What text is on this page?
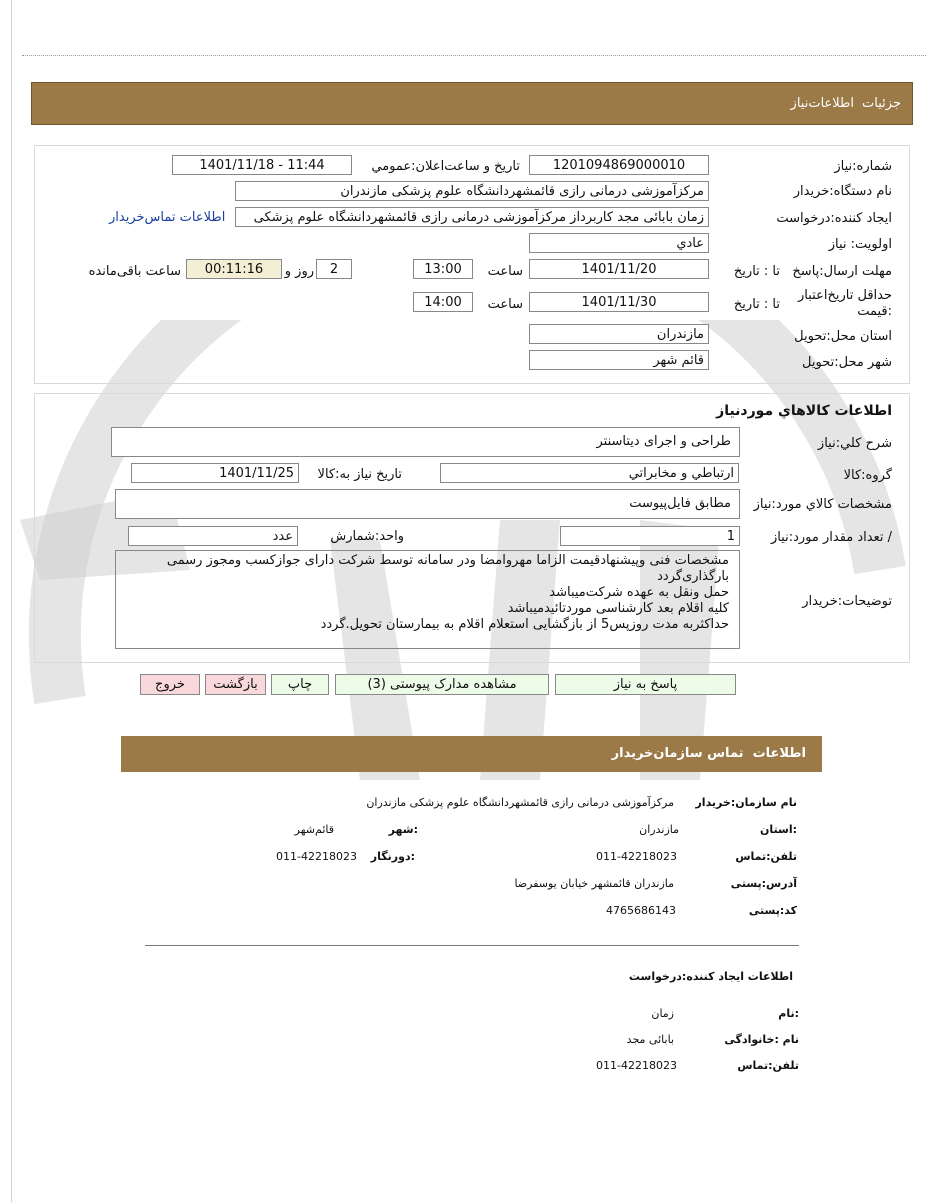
جزئیات
اطلاعات‌نیاز
شماره:نیاز
1201094869000010
تاریخ و ساعت‌اعلان:عمومي
1401/11/18 - 11:44
نام دستگاه:خریدار
مرکزآموزشی درمانی رازی قائمشهردانشگاه علوم پزشکی مازندران
ایجاد کننده:درخواست
زمان بابائی مجد کاربرداز مرکزآموزشی درمانی رازی قائمشهردانشگاه علوم پزشکی
اطلاعات تماس‌خریدار
اولویت: نیاز
عادي
مهلت ارسال:پاسخ
تا : تاریخ
1401/11/20
ساعت
13:00
2
روز و
00:11:16
ساعت باقی‌مانده
حداقل تاریخ‌اعتبار :قیمت
تا : تاریخ
1401/11/30
ساعت
14:00
استان محل:تحویل
مازندران
شهر محل:تحویل
قائم شهر
اطلاعات کالاهاي موردنياز
شرح کلي:نياز
طراحی و اجرای دیتاسنتر
گروه:کالا
ارتباطي و مخابراتي
تاریخ نیاز به:کالا
1401/11/25
مشخصات کالاي مورد:نياز
مطابق فایل‌پیوست
/ تعداد مقدار مورد:نیاز
1
واحد:شمارش
عدد
توضیحات:خریدار
مشخصات فنی وپیشنهادقیمت الزاما مهروامضا ودر سامانه توسط شرکت دارای جوازکسب ومجوز رسمی بارگذاری‌گردد
حمل ونقل به عهده شرکت‌میباشد
کلیه اقلام بعد کارشناسی موردتائیدمیباشد
حداکثربه مدت روزپس5 از بازگشایی استعلام اقلام به بیمارستان تحویل.گردد
پاسخ به نیاز
مشاهده مدارک پیوستی (3)
چاپ
بازگشت
خروج
اطلاعات  تماس سازمان‌خریدار
نام سازمان:خریدار
مرکزآموزشی درمانی رازی قائمشهردانشگاه علوم پزشکی مازندران
:استان
مازندران
:شهر
قائم‌شهر
تلفن:تماس
011-42218023
:دورنگار
011-42218023
آدرس:پستی
مازندران قائمشهر خیابان یوسفرضا
کد:پستی
4765686143
اطلاعات ایجاد کننده:درخواست
:نام
زمان
نام :خانوادگی
بابائی مجد
تلفن:تماس
011-42218023
